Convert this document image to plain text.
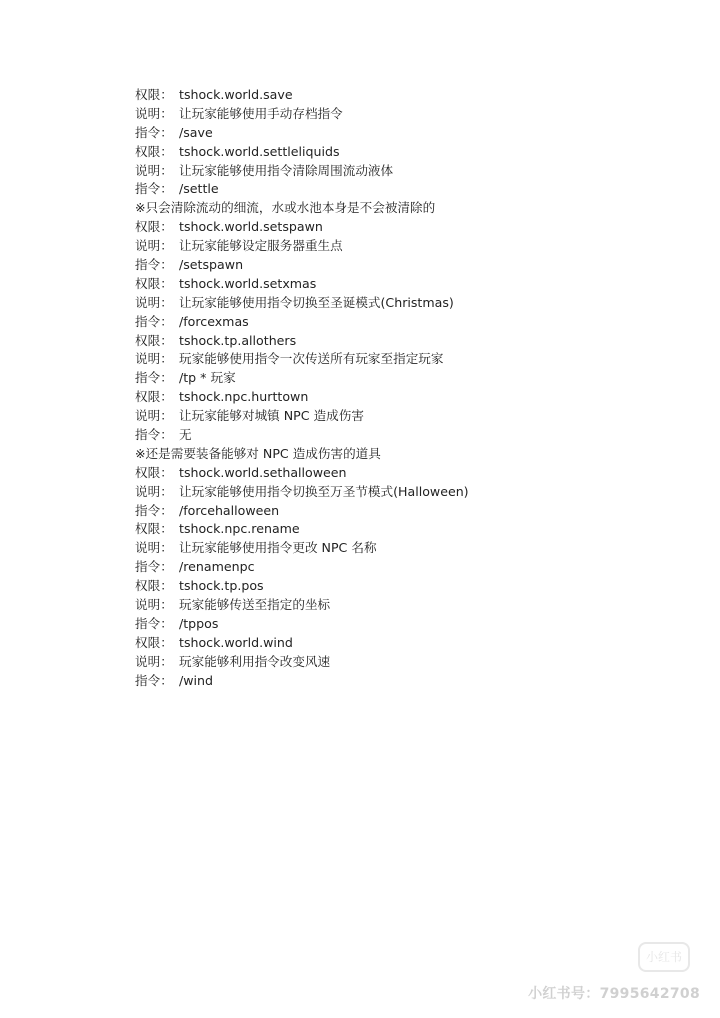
权限： tshock.world.save
说明： 让玩家能够使用手动存档指令
指令： /save
权限： tshock.world.settleliquids
说明： 让玩家能够使用指令清除周围流动液体
指令： /settle
※只会清除流动的细流，水或水池本身是不会被清除的
权限： tshock.world.setspawn
说明： 让玩家能够设定服务器重生点
指令： /setspawn
权限： tshock.world.setxmas
说明： 让玩家能够使用指令切换至圣诞模式(Christmas)
指令： /forcexmas
权限： tshock.tp.allothers
说明： 玩家能够使用指令一次传送所有玩家至指定玩家
指令： /tp * 玩家
权限： tshock.npc.hurttown
说明： 让玩家能够对城镇 NPC 造成伤害
指令： 无
※还是需要装备能够对 NPC 造成伤害的道具
权限： tshock.world.sethalloween
说明： 让玩家能够使用指令切换至万圣节模式(Halloween)
指令： /forcehalloween
权限： tshock.npc.rename
说明： 让玩家能够使用指令更改 NPC 名称
指令： /renamenpc
权限： tshock.tp.pos
说明： 玩家能够传送至指定的坐标
指令： /tppos
权限： tshock.world.wind
说明： 玩家能够利用指令改变风速
指令： /wind
小红书
小红书号：7995642708
